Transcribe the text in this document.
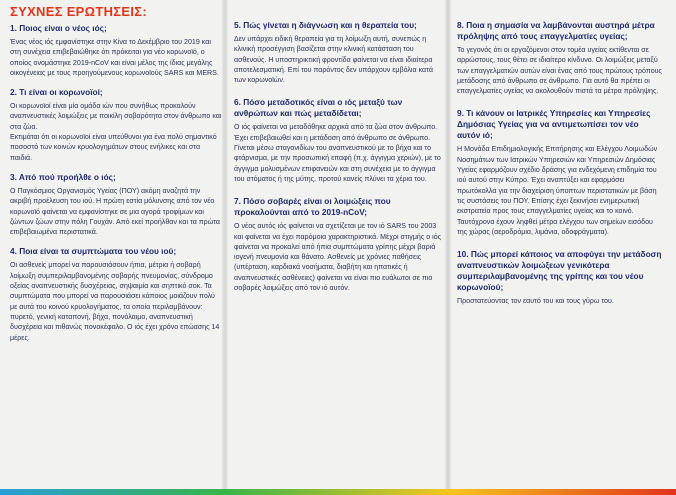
ΣΥΧΝΕΣ ΕΡΩΤΗΣΕΙΣ:
1. Ποιος είναι ο νέος ιός;

Ένας νέος ιός εμφανίστηκε στην Κίνα το Δεκέμβριο του 2019 και στη συνέχεια επιβεβαιώθηκε ότι πρόκειται για νέο κορωνοϊό, ο οποίος ονομάστηκε 2019-nCoV και είναι μέλος της ίδιας μεγάλης οικογένειας με τους προηγούμενους κορωνοϊούς SARS και MERS.

2. Τι είναι οι κορωνοϊοί;

Οι κορωνοϊοί είναι μία ομάδα ιών που συνήθως προκαλούν αναπνευστικές λοιμώξεις με ποικίλη σοβαρότητα στον άνθρωπο και στα ζώα.

Εκτιμάται ότι οι κορωνοϊοί είναι υπεύθυνοι για ένα πολύ σημαντικό ποσοστό των κοινών κρυολογημάτων στους ενήλικες και στα παιδιά.

3. Από πού προήλθε ο ιός;

Ο Παγκόσμιος Οργανισμός Υγείας (ΠΟΥ) ακόμη αναζητά την ακριβή προέλευση του ιού. Η πρώτη εστία μόλυνσης από τον νέο κορωνοϊό φαίνεται να εμφανίστηκε σε μια αγορά τροφίμων και ζώντων ζώων στην πόλη Γουχάν. Από εκεί προήλθαν και τα πρώτα επιβεβαιωμένα περιστατικά.

4. Ποια είναι τα συμπτώματα του νέου ιού;

Οι ασθενείς μπορεί να παρουσιάσουν ήπια, μέτρια ή σοβαρή λοίμωξη συμπεριλαμβανομένης σοβαρής πνευμονίας, σύνδρομο οξείας αναπνευστικής δυσχέρειας, σηψαιμία και σηπτικό σοκ. Τα συμπτώματα που μπορεί να παρουσιάσει κάποιος μοιάζουν πολύ με αυτά του κοινού κρυολογήματος, τα οποία περιλαμβάνουν: πυρετό, γενική καταπονή, βήχα, πονόλαιμο, αναπνευστική δυσχέρεια και πιθανώς πονοκέφαλο. Ο ιός έχει χρόνο επώασης 14 μέρες.

5. Πώς γίνεται η διάγνωση και η θεραπεία του;

Δεν υπάρχει ειδική θεραπεία για τη λοίμωξη αυτή, συνεπώς η κλινική προσέγγιση βασίζεται στην κλινική κατάσταση του ασθενούς. Η υποστηρικτική φροντίδα φαίνεται να είναι ιδιαίτερα αποτελεσματική. Επί του παρόντος δεν υπάρχουν εμβόλια κατά των κορωνοϊών.

6. Πόσο μεταδοτικός είναι ο ιός μεταξύ των ανθρώπων και πώς μεταδίδεται;

Ο ιός φαίνεται να μεταδόθηκε αρχικά από τα ζώα στον άνθρωπο. Έχει επιβεβαιωθεί και η μετάδοση από άνθρωπο σε άνθρωπο. Γίνεται μέσω σταγονιδίων του αναπνευστικού με το βήχα και το φτάρνισμα, με την προσωπική επαφή (π.χ. άγγιγμα χεριών), με το άγγιγμα μολυσμένων επιφανειών και στη συνέχεια με το άγγιγμα του στόματος ή της μύτης, προτού κανείς πλύνει τα χέρια του.

7. Πόσο σοβαρές είναι οι λοιμώξεις που προκαλούνται από το 2019-nCoV;

Ο νέος αυτός ιός φαίνεται να σχετίζεται με τον ιό SARS του 2003 και φαίνεται να έχει παρόμοια χαρακτηριστικά. Μέχρι στιγμής ο ιός φαίνεται να προκαλεί από ήπια συμπτώματα γρίπης μέχρι βαριά ιογενή πνευμονία και θάνατο. Ασθενείς με χρόνιες παθήσεις (υπέρταση, καρδιακά νοσήματα, διαβήτη και ηπατικές ή αναπνευστικές ασθένειες) φαίνεται να είναι πιο ευάλωτοι σε πιο σοβαρές λοιμώξεις από τον ιό αυτόν.

8. Ποια η σημασία να λαμβάνονται αυστηρά μέτρα πρόληψης από τους επαγγελματίες υγείας;

Το γεγονός ότι οι εργαζόμενοι στον τομέα υγείας εκτίθενται σε αρρώστους, τους θέτει σε ιδιαίτερο κίνδυνο. Οι λοιμώξεις μεταξύ των επαγγελματιών αυτών είναι ένας από τους πρώτους τρόπους μετάδοσης από άνθρωπο σε άνθρωπο. Για αυτό θα πρέπει οι επαγγελματίες υγείας να ακολουθούν πιστά τα μέτρα πρόληψης.

9. Τι κάνουν οι Ιατρικές Υπηρεσίες και Υπηρεσίες Δημόσιας Υγείας για να αντιμετωπίσει τον νέο αυτόν ιό;

Η Μονάδα Επιδημιολογικής Επιτήρησης και Ελέγχου Λοιμωδών Νοσημάτων των Ιατρικών Υπηρεσιών και Υπηρεσιών Δημόσιας Υγείας εφαρμόζουν σχέδιο δράσης για ενδεχόμενη επιδημία του ιού αυτού στην Κύπρο. Έχει αναπτύξει και εφαρμόσει πρωτόκολλα για την διαχείριση ύποπτων περιστατικών με βάση τις συστάσεις του ΠΟΥ. Επίσης έχει ξεκινήσει ενημερωτική εκστρατεία προς τους επαγγελματίες υγείας και το κοινό. Ταυτόχρονα έχουν ληφθεί μέτρα ελέγχου των σημείων εισόδου της χώρας (αεροδρόμια, λιμάνια, οδοφράγματα).

10. Πώς μπορεί κάποιος να αποφύγει την μετάδοση αναπνευστικών λοιμώξεων γενικότερα συμπεριλαμβανομένης της γρίπης και του νέου κορωνοϊού;

Προστατεύοντας τον εαυτό του και τους γύρω του.
